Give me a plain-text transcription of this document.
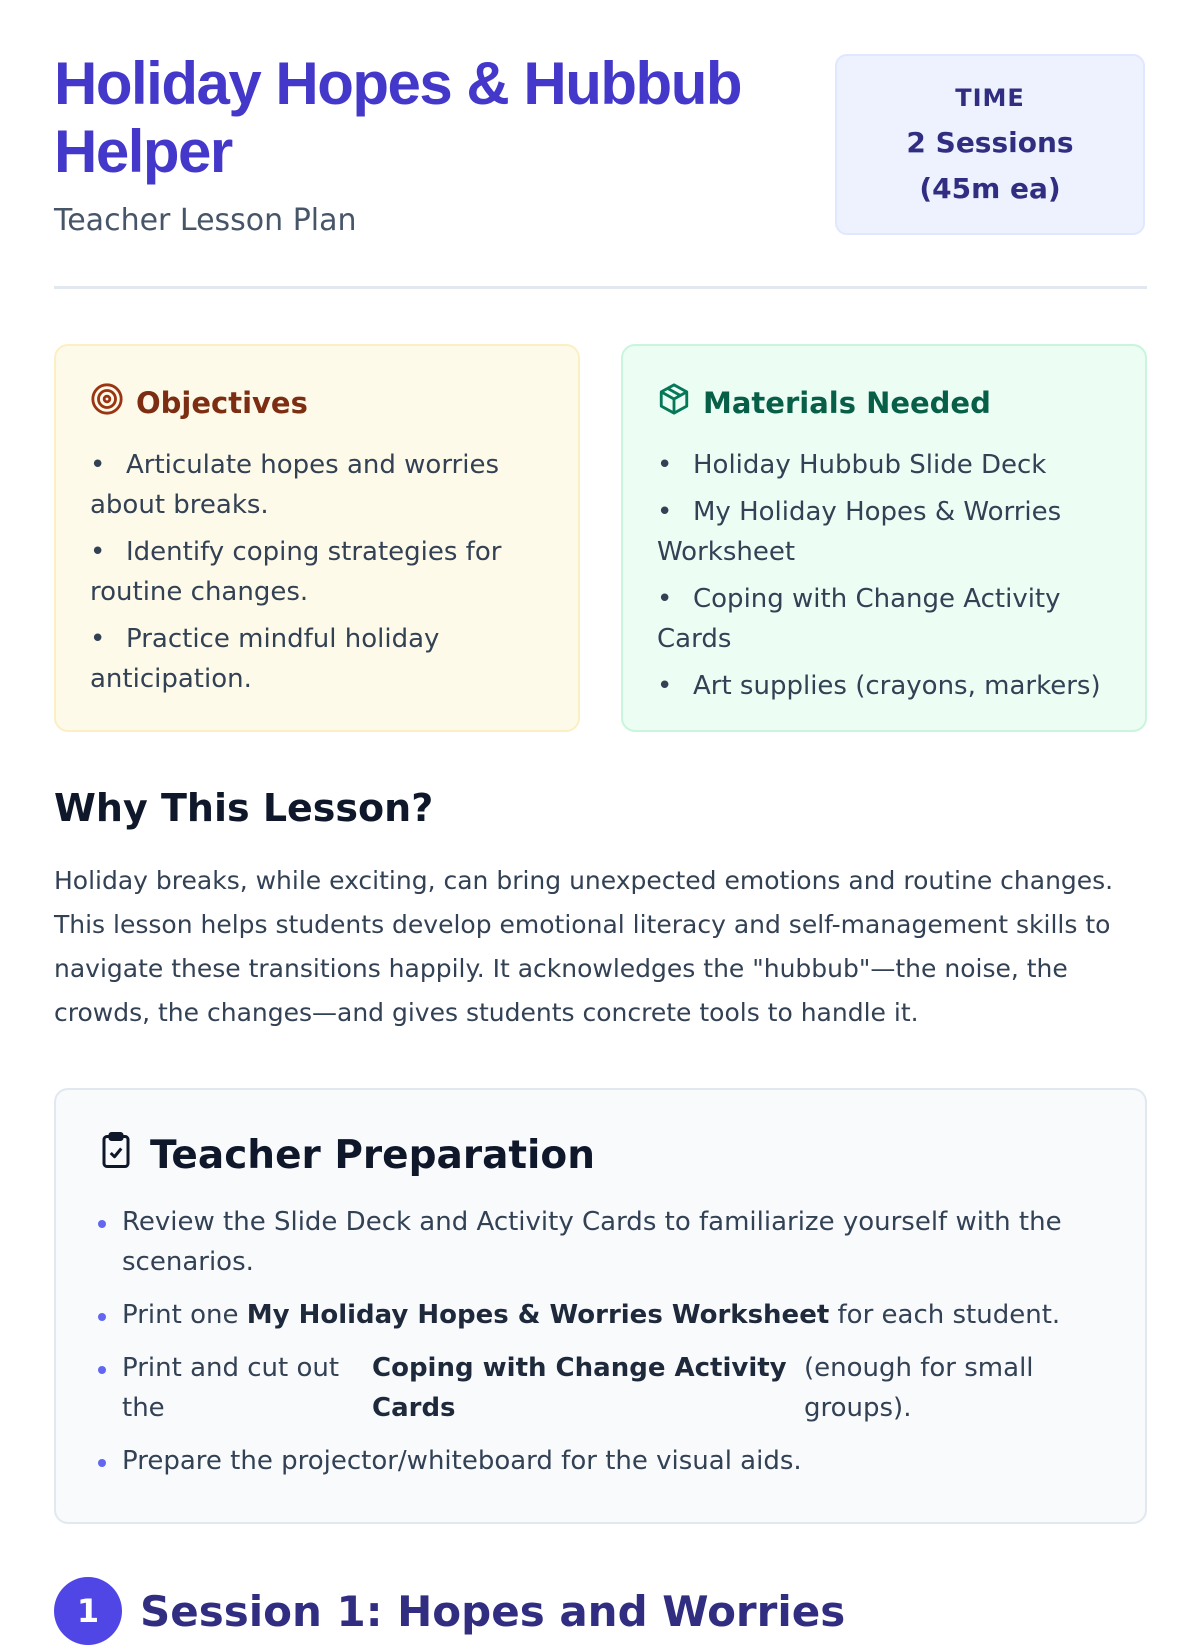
Holiday Hopes & Hubbub Helper
Teacher Lesson Plan
TIME
2 Sessions (45m ea)
Objectives
• Articulate hopes and worries about breaks.
• Identify coping strategies for routine changes.
• Practice mindful holiday anticipation.
Materials Needed
• Holiday Hubbub Slide Deck
• My Holiday Hopes & Worries Worksheet
• Coping with Change Activity Cards
• Art supplies (crayons, markers)
Why This Lesson?

Holiday breaks, while exciting, can bring unexpected emotions and routine changes. This lesson helps students develop emotional literacy and self-management skills to navigate these transitions happily. It acknowledges the "hubbub"—the noise, the crowds, the changes—and gives students concrete tools to handle it.

Teacher Preparation
Review the Slide Deck and Activity Cards to familiarize yourself with the scenarios.
Print one My Holiday Hopes & Worries Worksheet for each student.
Print and cut out the
Coping with Change Activity Cards
(enough for small groups).
Prepare the projector/whiteboard for the visual aids.
1 Session 1: Hopes and Worries
